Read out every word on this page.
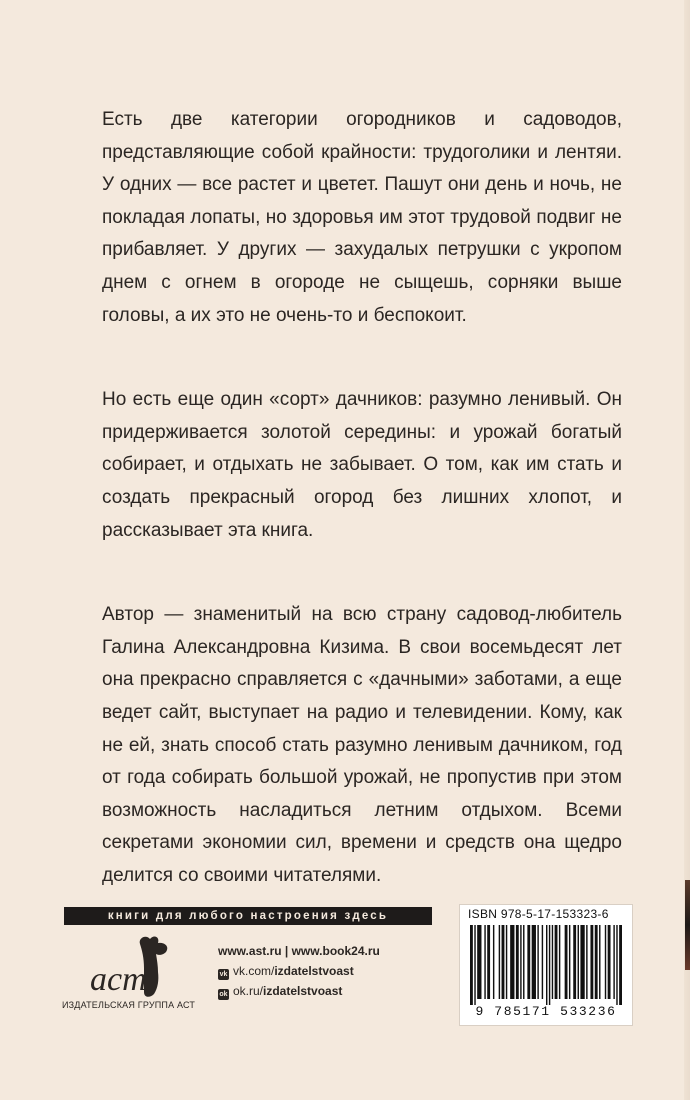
Есть две категории огородников и садоводов, представляющие собой крайности: трудоголики и лентяи. У одних — все растет и цветет. Пашут они день и ночь, не покладая лопаты, но здоровья им этот трудовой подвиг не прибавляет. У других — захудалых петрушки с укропом днем с огнем в огороде не сыщешь, сорняки выше головы, а их это не очень-то и беспокоит.

Но есть еще один «сорт» дачников: разумно ленивый. Он придерживается золотой середины: и урожай богатый собирает, и отдыхать не забывает. О том, как им стать и создать прекрасный огород без лишних хлопот, и рассказывает эта книга.

Автор — знаменитый на всю страну садовод-любитель Галина Александровна Кизима. В свои восемьдесят лет она прекрасно справляется с «дачными» заботами, а еще ведет сайт, выступает на радио и телевидении. Кому, как не ей, знать способ стать разумно ленивым дачником, год от года собирать большой урожай, не пропустив при этом возможность насладиться летним отдыхом. Всеми секретами экономии сил, времени и средств она щедро делится со своими читателями.

книги для любого настроения здесь
аст
ИЗДАТЕЛЬСКАЯ ГРУППА АСТ
www.ast.ru | www.book24.ru
vk vk.com/izdatelstvoast
ok ok.ru/izdatelstvoast
ISBN 978-5-17-153323-6
9 785171 533236
